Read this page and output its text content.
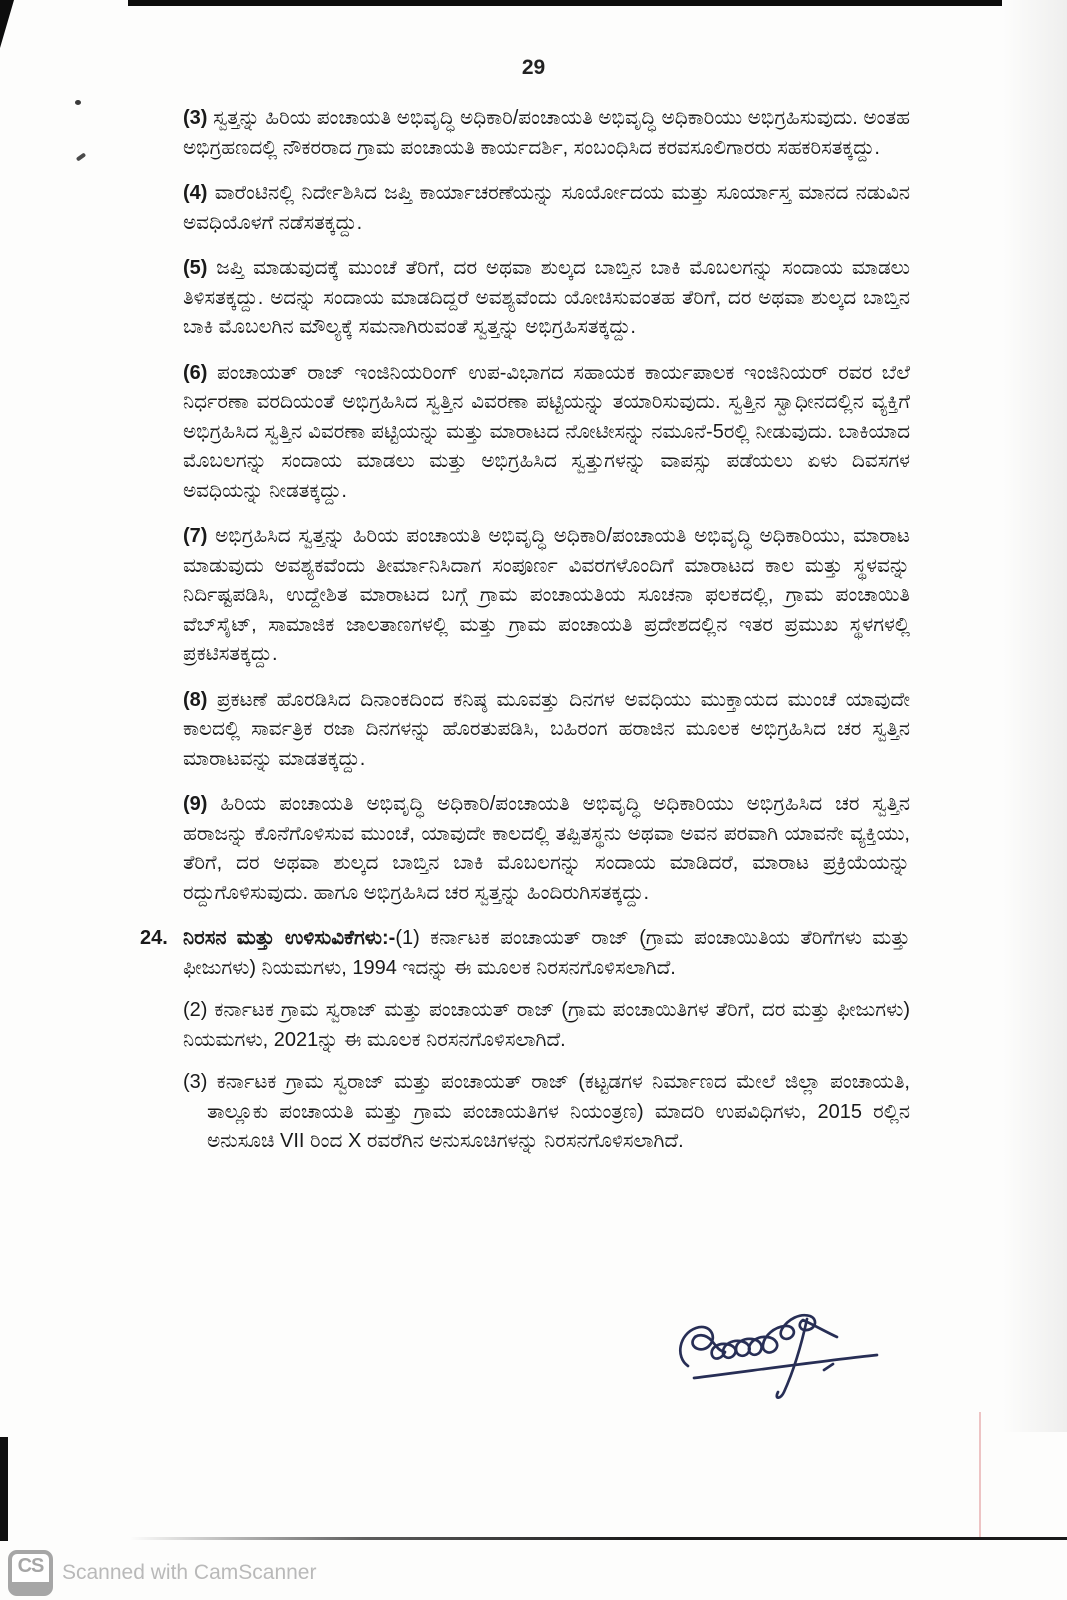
29

(3) ಸ್ವತ್ತನ್ನು ಹಿರಿಯ ಪಂಚಾಯತಿ ಅಭಿವೃದ್ಧಿ ಅಧಿಕಾರಿ/ಪಂಚಾಯತಿ ಅಭಿವೃದ್ಧಿ ಅಧಿಕಾರಿಯು ಅಭಿಗ್ರಹಿಸುವುದು. ಅಂತಹ ಅಭಿಗ್ರಹಣದಲ್ಲಿ ನೌಕರರಾದ ಗ್ರಾಮ ಪಂಚಾಯತಿ ಕಾರ್ಯದರ್ಶಿ, ಸಂಬಂಧಿಸಿದ ಕರವಸೂಲಿಗಾರರು ಸಹಕರಿಸತಕ್ಕದ್ದು.

(4) ವಾರೆಂಟಿನಲ್ಲಿ ನಿರ್ದೇಶಿಸಿದ ಜಪ್ತಿ ಕಾರ್ಯಾಚರಣೆಯನ್ನು ಸೂರ್ಯೋದಯ ಮತ್ತು ಸೂರ್ಯಾಸ್ತ ಮಾನದ ನಡುವಿನ ಅವಧಿಯೊಳಗೆ ನಡೆಸತಕ್ಕದ್ದು.

(5) ಜಪ್ತಿ ಮಾಡುವುದಕ್ಕೆ ಮುಂಚೆ ತೆರಿಗೆ, ದರ ಅಥವಾ ಶುಲ್ಕದ ಬಾಬ್ತಿನ ಬಾಕಿ ಮೊಬಲಗನ್ನು ಸಂದಾಯ ಮಾಡಲು ತಿಳಿಸತಕ್ಕದ್ದು. ಅದನ್ನು ಸಂದಾಯ ಮಾಡದಿದ್ದರೆ ಅವಶ್ಯವೆಂದು ಯೋಚಿಸುವಂತಹ ತೆರಿಗೆ, ದರ ಅಥವಾ ಶುಲ್ಕದ ಬಾಬ್ತಿನ ಬಾಕಿ ಮೊಬಲಗಿನ ಮೌಲ್ಯಕ್ಕೆ ಸಮನಾಗಿರುವಂತೆ ಸ್ವತ್ತನ್ನು ಅಭಿಗ್ರಹಿಸತಕ್ಕದ್ದು.

(6) ಪಂಚಾಯತ್ ರಾಜ್ ಇಂಜಿನಿಯರಿಂಗ್ ಉಪ-ವಿಭಾಗದ ಸಹಾಯಕ ಕಾರ್ಯಪಾಲಕ ಇಂಜಿನಿಯರ್ ರವರ ಬೆಲೆ ನಿರ್ಧರಣಾ ವರದಿಯಂತೆ ಅಭಿಗ್ರಹಿಸಿದ ಸ್ವತ್ತಿನ ವಿವರಣಾ ಪಟ್ಟಿಯನ್ನು ತಯಾರಿಸುವುದು. ಸ್ವತ್ತಿನ ಸ್ವಾಧೀನದಲ್ಲಿನ ವ್ಯಕ್ತಿಗೆ ಅಭಿಗ್ರಹಿಸಿದ ಸ್ವತ್ತಿನ ವಿವರಣಾ ಪಟ್ಟಿಯನ್ನು ಮತ್ತು ಮಾರಾಟದ ನೋಟೀಸನ್ನು ನಮೂನೆ-5ರಲ್ಲಿ ನೀಡುವುದು. ಬಾಕಿಯಾದ ಮೊಬಲಗನ್ನು ಸಂದಾಯ ಮಾಡಲು ಮತ್ತು ಅಭಿಗ್ರಹಿಸಿದ ಸ್ವತ್ತುಗಳನ್ನು ವಾಪಸ್ಸು ಪಡೆಯಲು ಏಳು ದಿವಸಗಳ ಅವಧಿಯನ್ನು ನೀಡತಕ್ಕದ್ದು.

(7) ಅಭಿಗ್ರಹಿಸಿದ ಸ್ವತ್ತನ್ನು ಹಿರಿಯ ಪಂಚಾಯತಿ ಅಭಿವೃದ್ಧಿ ಅಧಿಕಾರಿ/ಪಂಚಾಯತಿ ಅಭಿವೃದ್ಧಿ ಅಧಿಕಾರಿಯು, ಮಾರಾಟ ಮಾಡುವುದು ಅವಶ್ಯಕವೆಂದು ತೀರ್ಮಾನಿಸಿದಾಗ ಸಂಪೂರ್ಣ ವಿವರಗಳೊಂದಿಗೆ ಮಾರಾಟದ ಕಾಲ ಮತ್ತು ಸ್ಥಳವನ್ನು ನಿರ್ದಿಷ್ಟಪಡಿಸಿ, ಉದ್ದೇಶಿತ ಮಾರಾಟದ ಬಗ್ಗೆ ಗ್ರಾಮ ಪಂಚಾಯತಿಯ ಸೂಚನಾ ಫಲಕದಲ್ಲಿ, ಗ್ರಾಮ ಪಂಚಾಯಿತಿ ವೆಬ್‌ಸೈಟ್, ಸಾಮಾಜಿಕ ಜಾಲತಾಣಗಳಲ್ಲಿ ಮತ್ತು ಗ್ರಾಮ ಪಂಚಾಯತಿ ಪ್ರದೇಶದಲ್ಲಿನ ಇತರ ಪ್ರಮುಖ ಸ್ಥಳಗಳಲ್ಲಿ ಪ್ರಕಟಿಸತಕ್ಕದ್ದು.

(8) ಪ್ರಕಟಣೆ ಹೊರಡಿಸಿದ ದಿನಾಂಕದಿಂದ ಕನಿಷ್ಠ ಮೂವತ್ತು ದಿನಗಳ ಅವಧಿಯು ಮುಕ್ತಾಯದ ಮುಂಚೆ ಯಾವುದೇ ಕಾಲದಲ್ಲಿ ಸಾರ್ವತ್ರಿಕ ರಜಾ ದಿನಗಳನ್ನು ಹೊರತುಪಡಿಸಿ, ಬಹಿರಂಗ ಹರಾಜಿನ ಮೂಲಕ ಅಭಿಗ್ರಹಿಸಿದ ಚರ ಸ್ವತ್ತಿನ ಮಾರಾಟವನ್ನು ಮಾಡತಕ್ಕದ್ದು.

(9) ಹಿರಿಯ ಪಂಚಾಯತಿ ಅಭಿವೃದ್ಧಿ ಅಧಿಕಾರಿ/ಪಂಚಾಯತಿ ಅಭಿವೃದ್ಧಿ ಅಧಿಕಾರಿಯು ಅಭಿಗ್ರಹಿಸಿದ ಚರ ಸ್ವತ್ತಿನ ಹರಾಜನ್ನು ಕೊನೆಗೊಳಿಸುವ ಮುಂಚೆ, ಯಾವುದೇ ಕಾಲದಲ್ಲಿ ತಪ್ಪಿತಸ್ಥನು ಅಥವಾ ಅವನ ಪರವಾಗಿ ಯಾವನೇ ವ್ಯಕ್ತಿಯು, ತೆರಿಗೆ, ದರ ಅಥವಾ ಶುಲ್ಕದ ಬಾಬ್ತಿನ ಬಾಕಿ ಮೊಬಲಗನ್ನು ಸಂದಾಯ ಮಾಡಿದರೆ, ಮಾರಾಟ ಪ್ರಕ್ರಿಯೆಯನ್ನು ರದ್ದುಗೊಳಿಸುವುದು. ಹಾಗೂ ಅಭಿಗ್ರಹಿಸಿದ ಚರ ಸ್ವತ್ತನ್ನು ಹಿಂದಿರುಗಿಸತಕ್ಕದ್ದು.

24. ನಿರಸನ ಮತ್ತು ಉಳಿಸುವಿಕೆಗಳು:-(1) ಕರ್ನಾಟಕ ಪಂಚಾಯತ್ ರಾಜ್ (ಗ್ರಾಮ ಪಂಚಾಯಿತಿಯ ತೆರಿಗೆಗಳು ಮತ್ತು ಫೀಜುಗಳು) ನಿಯಮಗಳು, 1994 ಇದನ್ನು ಈ ಮೂಲಕ ನಿರಸನಗೊಳಿಸಲಾಗಿದೆ.

(2) ಕರ್ನಾಟಕ ಗ್ರಾಮ ಸ್ವರಾಜ್ ಮತ್ತು ಪಂಚಾಯತ್ ರಾಜ್ (ಗ್ರಾಮ ಪಂಚಾಯಿತಿಗಳ ತೆರಿಗೆ, ದರ ಮತ್ತು ಫೀಜುಗಳು) ನಿಯಮಗಳು, 2021ನ್ನು ಈ ಮೂಲಕ ನಿರಸನಗೊಳಿಸಲಾಗಿದೆ.

(3) ಕರ್ನಾಟಕ ಗ್ರಾಮ ಸ್ವರಾಜ್ ಮತ್ತು ಪಂಚಾಯತ್ ರಾಜ್ (ಕಟ್ಟಡಗಳ ನಿರ್ಮಾಣದ ಮೇಲೆ ಜಿಲ್ಲಾ ಪಂಚಾಯತಿ, ತಾಲ್ಲೂಕು ಪಂಚಾಯತಿ ಮತ್ತು ಗ್ರಾಮ ಪಂಚಾಯತಿಗಳ ನಿಯಂತ್ರಣ) ಮಾದರಿ ಉಪವಿಧಿಗಳು, 2015 ರಲ್ಲಿನ ಅನುಸೂಚಿ VII ರಿಂದ X ರವರೆಗಿನ ಅನುಸೂಚಿಗಳನ್ನು ನಿರಸನಗೊಳಿಸಲಾಗಿದೆ.

CS Scanned with CamScanner
